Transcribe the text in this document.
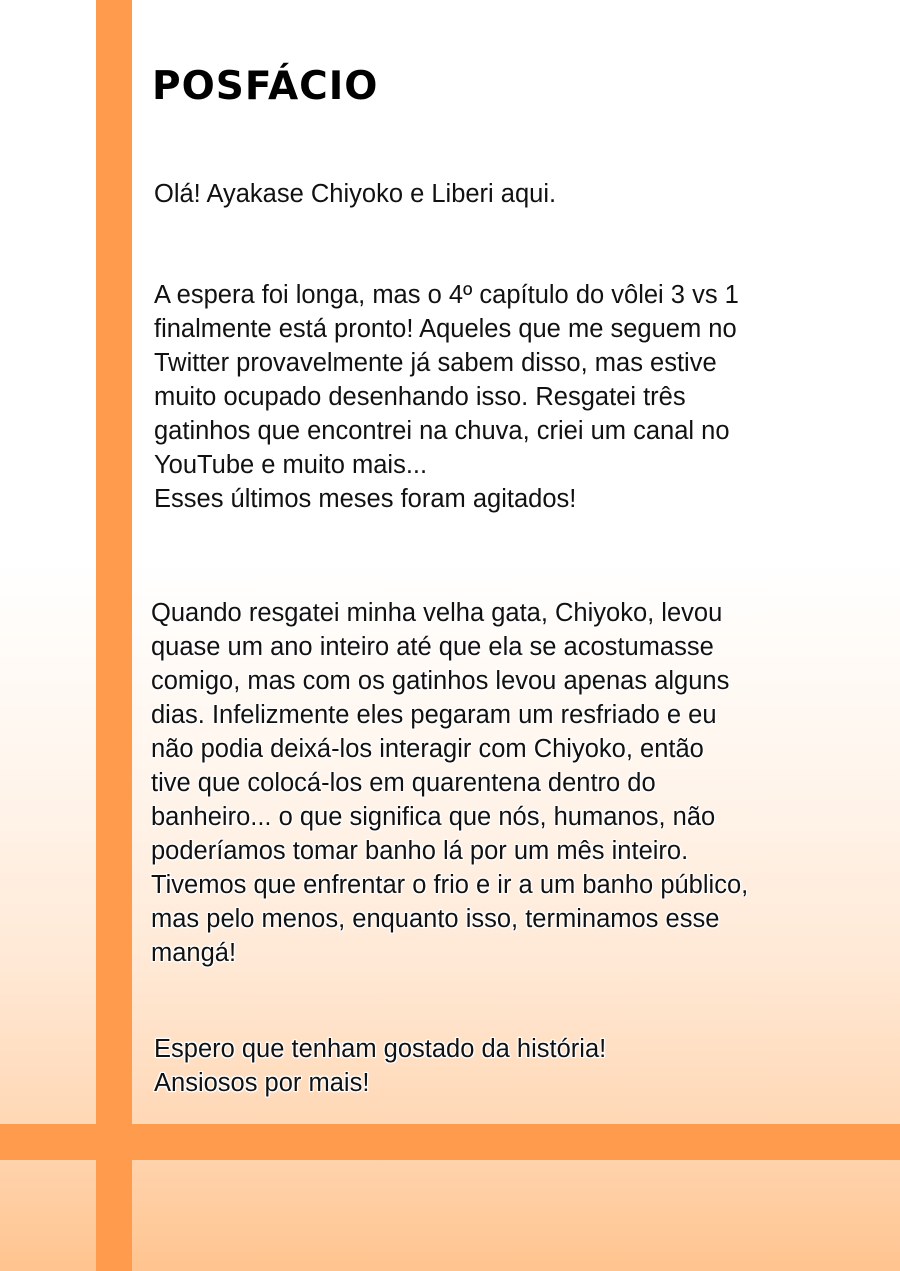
POSFÁCIO

Olá! Ayakase Chiyoko e Liberi aqui.

A espera foi longa, mas o 4º capítulo do vôlei 3 vs 1
finalmente está pronto! Aqueles que me seguem no
Twitter provavelmente já sabem disso, mas estive
muito ocupado desenhando isso. Resgatei três
gatinhos que encontrei na chuva, criei um canal no
YouTube e muito mais...
Esses últimos meses foram agitados!

Quando resgatei minha velha gata, Chiyoko, levou
quase um ano inteiro até que ela se acostumasse
comigo, mas com os gatinhos levou apenas alguns
dias. Infelizmente eles pegaram um resfriado e eu
não podia deixá-los interagir com Chiyoko, então
tive que colocá-los em quarentena dentro do
banheiro... o que significa que nós, humanos, não
poderíamos tomar banho lá por um mês inteiro.
Tivemos que enfrentar o frio e ir a um banho público,
mas pelo menos, enquanto isso, terminamos esse
mangá!

Espero que tenham gostado da história!
Ansiosos por mais!
